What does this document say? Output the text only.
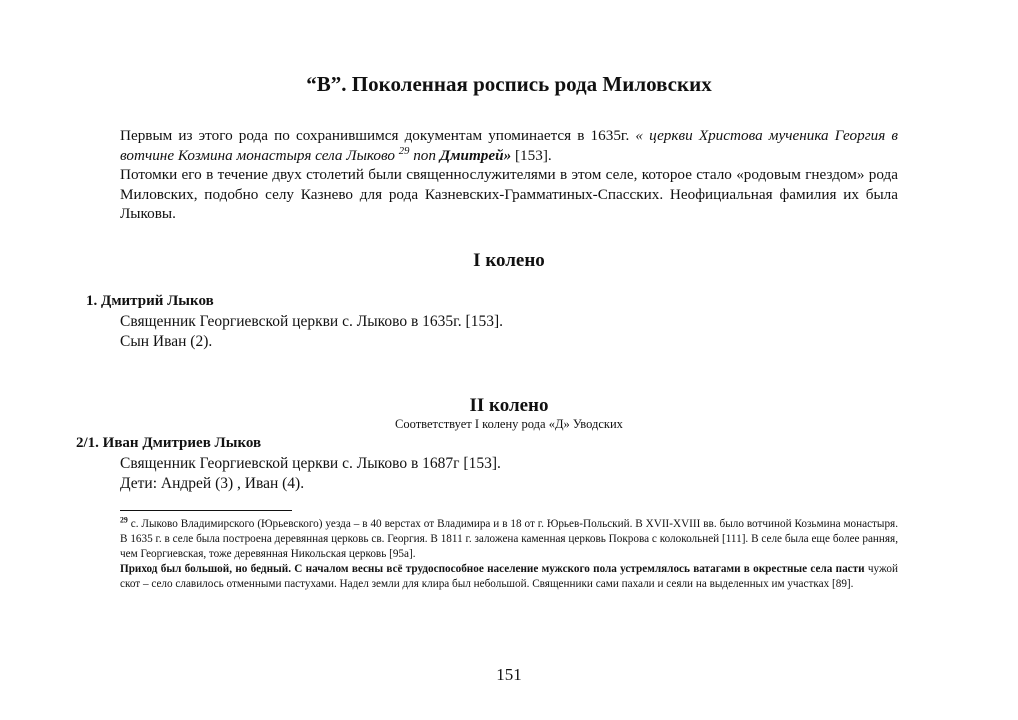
“В”. Поколенная роспись рода Миловских

Первым из этого рода по сохранившимся документам упоминается в 1635г. « церкви Христова мученика Георгия в вотчине Козмина монастыря села Лыково $^{29}$ поп Дмитрей» [153].

Потомки его в течение двух столетий были священнослужителями в этом селе, которое стало «родовым гнездом» рода Миловских, подобно селу Казнево для рода Казневских-Грамматиных-Спасских. Неофициальная фамилия их была Лыковы.

I колено
1. Дмитрий Лыков
Священник Георгиевской церкви с. Лыково в 1635г. [153].
Сын Иван (2).
II колено
Соответствует I колену рода «Д» Уводских
2/1. Иван Дмитриев Лыков
Священник Георгиевской церкви с. Лыково в 1687г [153].
Дети: Андрей (3) , Иван (4).

$^{29}$ с. Лыково Владимирского (Юрьевского) уезда – в 40 верстах от Владимира и в 18 от г. Юрьев-Польский. В XVII-XVIII вв. было вотчиной Козьмина монастыря. В 1635 г. в селе была построена деревянная церковь св. Георгия. В 1811 г. заложена каменная церковь Покрова с колокольней [111]. В селе была еще более ранняя, чем Георгиевская, тоже деревянная Никольская церковь [95а].

Приход был большой, но бедный. С началом весны всё трудоспособное население мужского пола устремлялось ватагами в окрестные села пасти чужой скот – село славилось отменными пастухами. Надел земли для клира был небольшой. Священники сами пахали и сеяли на выделенных им участках [89].

151
